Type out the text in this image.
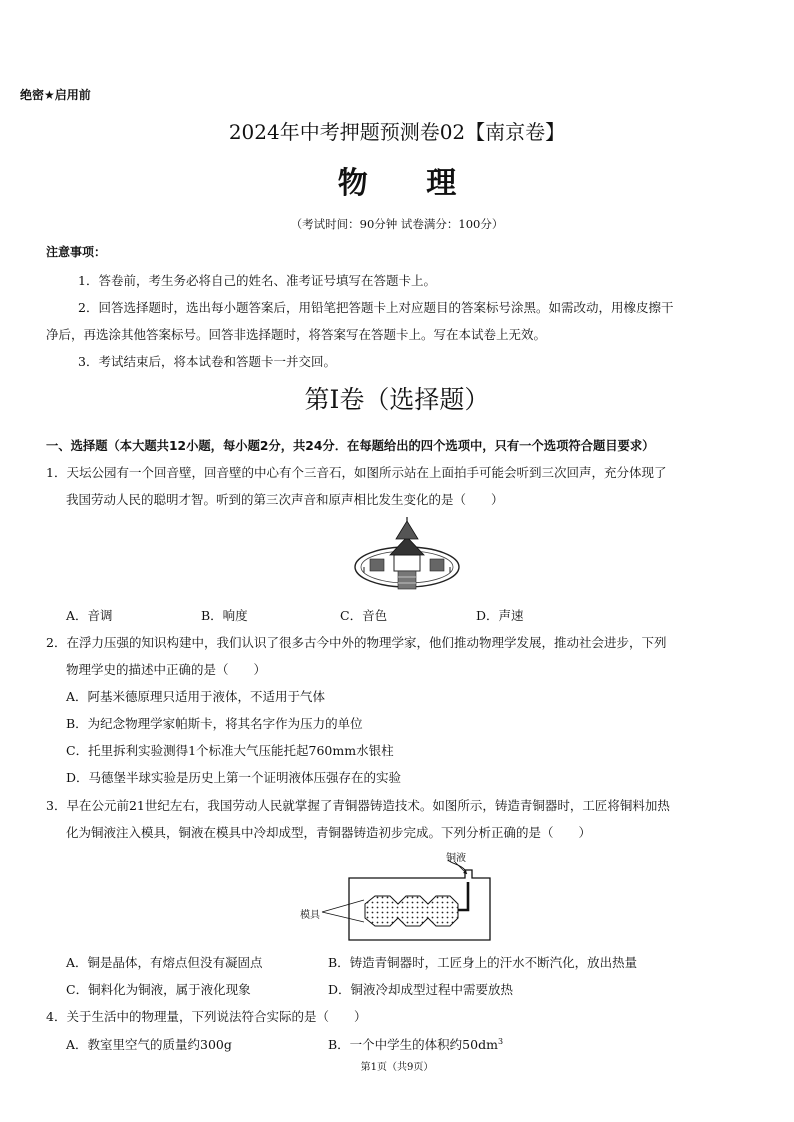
绝密★启用前
2024年中考押题预测卷02【南京卷】
物 理
（考试时间：90分钟 试卷满分：100分）
注意事项：
1．答卷前，考生务必将自己的姓名、准考证号填写在答题卡上。
2．回答选择题时，选出每小题答案后，用铅笔把答题卡上对应题目的答案标号涂黑。如需改动，用橡皮擦干
净后，再选涂其他答案标号。回答非选择题时，将答案写在答题卡上。写在本试卷上无效。
3．考试结束后，将本试卷和答题卡一并交回。
第Ⅰ卷（选择题）
一、选择题（本大题共12小题，每小题2分，共24分．在每题给出的四个选项中，只有一个选项符合题目要求）
1．天坛公园有一个回音壁，回音壁的中心有个三音石，如图所示站在上面拍手可能会听到三次回声，充分体现了
我国劳动人民的聪明才智。听到的第三次声音和原声相比发生变化的是（　　）
A．音调	B．响度	C．音色	D．声速
2．在浮力压强的知识构建中，我们认识了很多古今中外的物理学家，他们推动物理学发展，推动社会进步，下列
物理学史的描述中正确的是（　　）
A．阿基米德原理只适用于液体，不适用于气体
B．为纪念物理学家帕斯卡，将其名字作为压力的单位
C．托里拆利实验测得1个标准大气压能托起760mm水银柱
D．马德堡半球实验是历史上第一个证明液体压强存在的实验
3．早在公元前21世纪左右，我国劳动人民就掌握了青铜器铸造技术。如图所示，铸造青铜器时，工匠将铜料加热
化为铜液注入模具，铜液在模具中冷却成型，青铜器铸造初步完成。下列分析正确的是（　　）
铜液
模具
A．铜是晶体，有熔点但没有凝固点	B．铸造青铜器时，工匠身上的汗水不断汽化，放出热量
C．铜料化为铜液，属于液化现象	D．铜液冷却成型过程中需要放热
4．关于生活中的物理量，下列说法符合实际的是（　　）
A．教室里空气的质量约300g	B．一个中学生的体积约$50dm^3$
第1页（共9页）
